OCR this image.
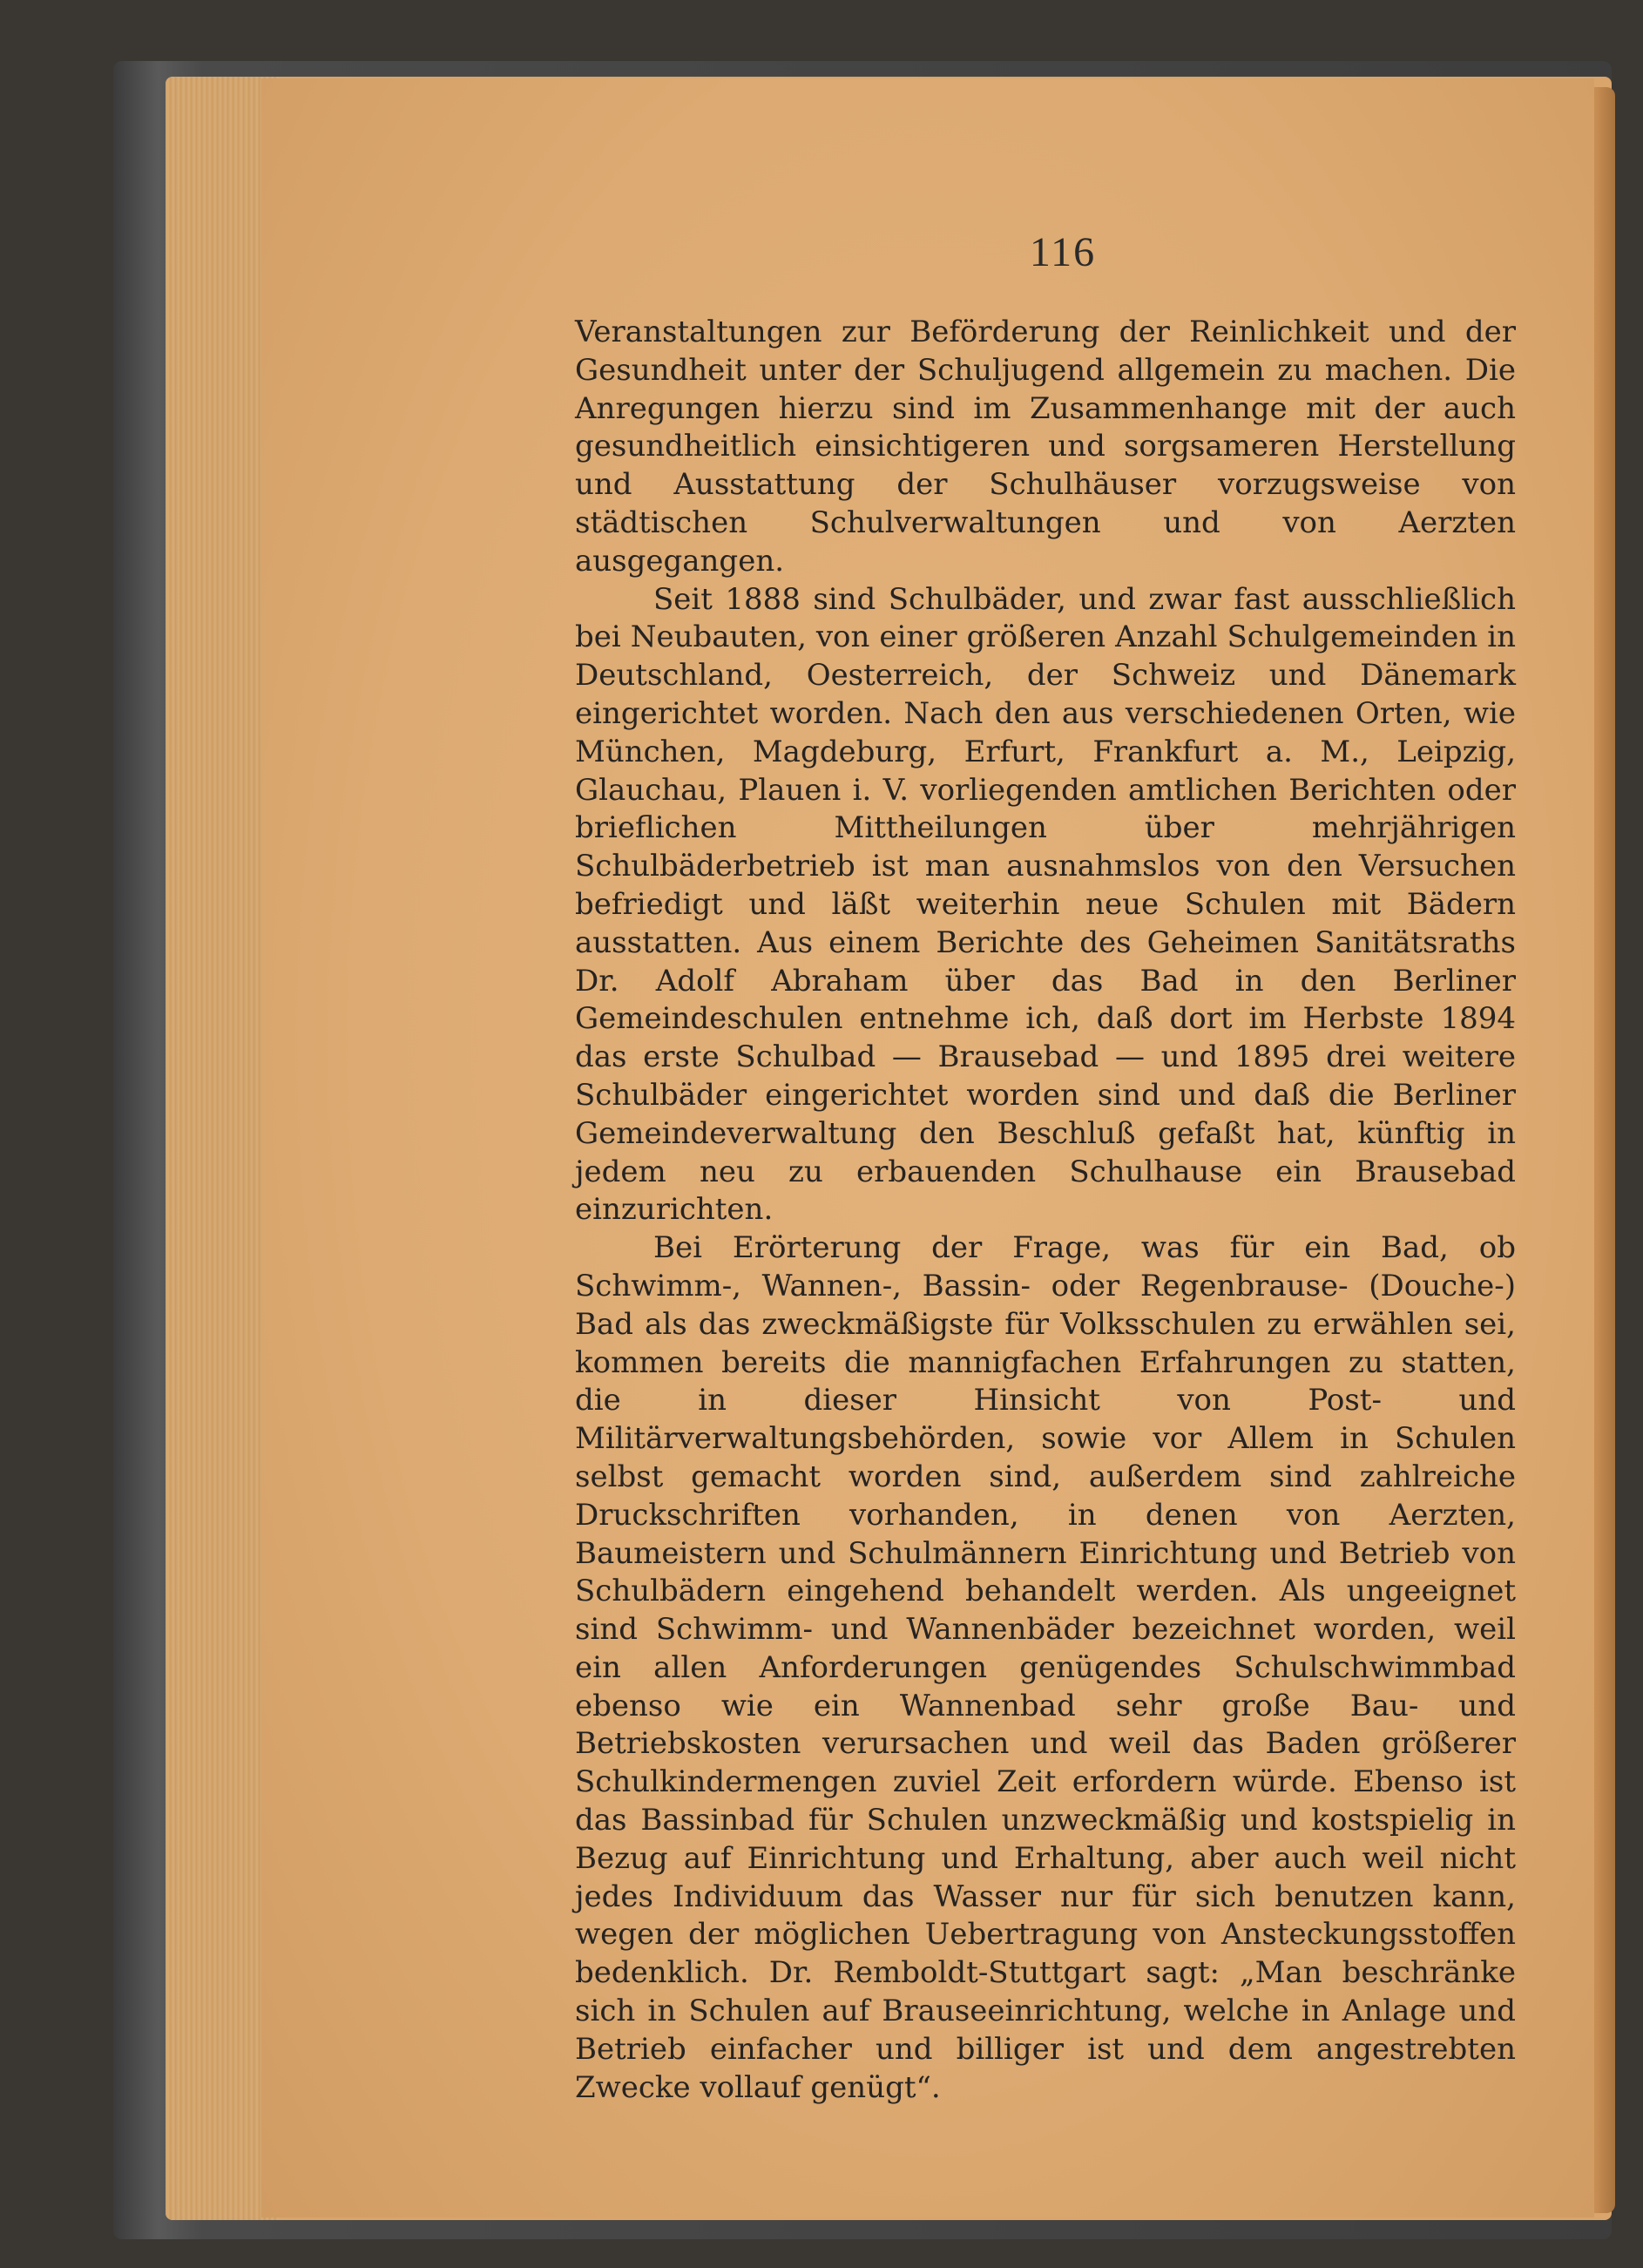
116

Veranstaltungen zur Beförderung der Reinlichkeit und der Gesundheit unter der Schuljugend allgemein zu machen. Die Anregungen hierzu sind im Zusammenhange mit der auch gesundheitlich einsichtigeren und sorgsameren Herstellung und Ausstattung der Schulhäuser vorzugsweise von städtischen Schulverwaltungen und von Aerzten ausgegangen.

Seit 1888 sind Schulbäder, und zwar fast ausschließlich bei Neubauten, von einer größeren Anzahl Schulgemeinden in Deutschland, Oesterreich, der Schweiz und Dänemark eingerichtet worden. Nach den aus verschiedenen Orten, wie München, Magdeburg, Erfurt, Frankfurt a. M., Leipzig, Glauchau, Plauen i. V. vorliegenden amtlichen Berichten oder brieflichen Mittheilungen über mehrjährigen Schulbäderbetrieb ist man ausnahmslos von den Versuchen befriedigt und läßt weiterhin neue Schulen mit Bädern ausstatten. Aus einem Berichte des Geheimen Sanitätsraths Dr. Adolf Abraham über das Bad in den Berliner Gemeindeschulen entnehme ich, daß dort im Herbste 1894 das erste Schulbad — Brausebad — und 1895 drei weitere Schulbäder eingerichtet worden sind und daß die Berliner Gemeindeverwaltung den Beschluß gefaßt hat, künftig in jedem neu zu erbauenden Schulhause ein Brausebad einzurichten.

Bei Erörterung der Frage, was für ein Bad, ob Schwimm-, Wannen-, Bassin- oder Regenbrause- (Douche-) Bad als das zweckmäßigste für Volksschulen zu erwählen sei, kommen bereits die mannigfachen Erfahrungen zu statten, die in dieser Hinsicht von Post- und Militärverwaltungsbehörden, sowie vor Allem in Schulen selbst gemacht worden sind, außerdem sind zahlreiche Druckschriften vorhanden, in denen von Aerzten, Baumeistern und Schulmännern Einrichtung und Betrieb von Schulbädern eingehend behandelt werden. Als ungeeignet sind Schwimm- und Wannenbäder bezeichnet worden, weil ein allen Anforderungen genügendes Schulschwimmbad ebenso wie ein Wannenbad sehr große Bau- und Betriebskosten verursachen und weil das Baden größerer Schulkindermengen zuviel Zeit erfordern würde. Ebenso ist das Bassinbad für Schulen unzweckmäßig und kostspielig in Bezug auf Einrichtung und Erhaltung, aber auch weil nicht jedes Individuum das Wasser nur für sich benutzen kann, wegen der möglichen Uebertragung von Ansteckungsstoffen bedenklich. Dr. Remboldt-Stuttgart sagt: „Man beschränke sich in Schulen auf Brauseeinrichtung, welche in Anlage und Betrieb einfacher und billiger ist und dem angestrebten Zwecke vollauf genügt“.
